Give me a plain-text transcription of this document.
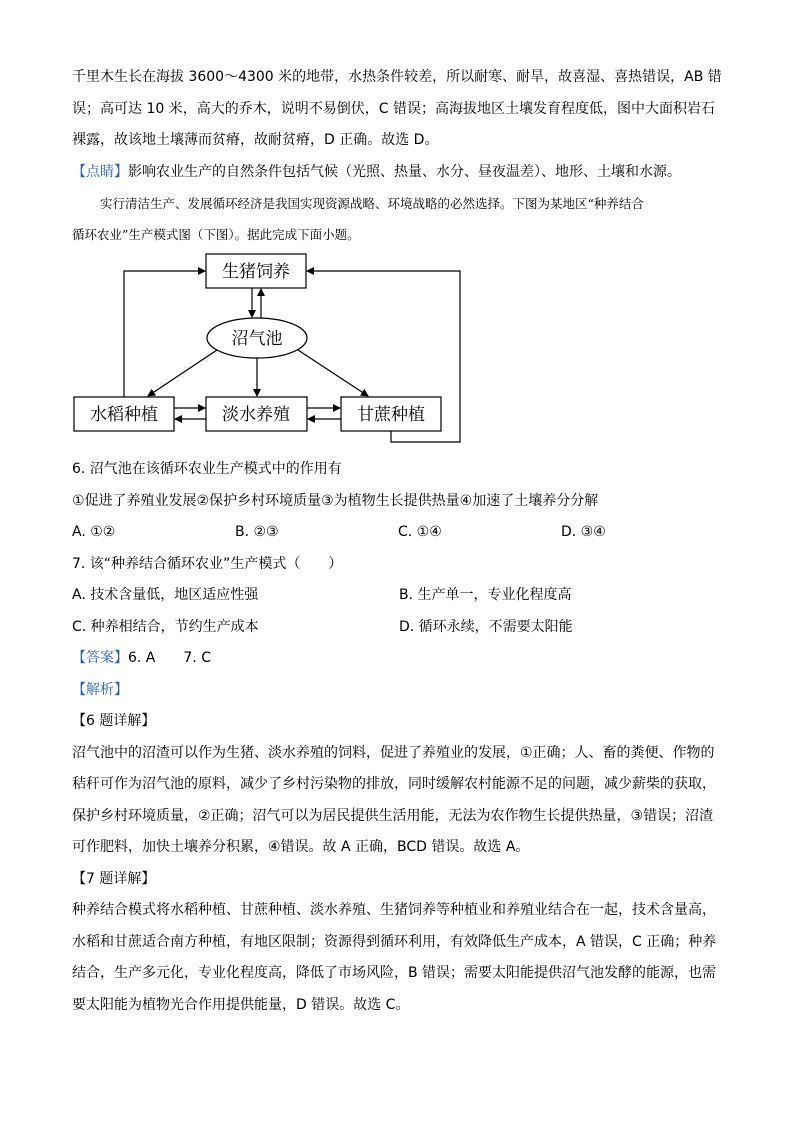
千里木生长在海拔 3600～4300 米的地带，水热条件较差，所以耐寒、耐旱，故喜湿、喜热错误，AB 错

误；高可达 10 米，高大的乔木，说明不易倒伏，C 错误；高海拔地区土壤发育程度低，图中大面积岩石

裸露，故该地土壤薄而贫瘠，故耐贫瘠，D 正确。故选 D。

【点睛】影响农业生产的自然条件包括气候（光照、热量、水分、昼夜温差）、地形、土壤和水源。

实行清洁生产、发展循环经济是我国实现资源战略、环境战略的必然选择。下图为某地区“种养结合

循环农业”生产模式图（下图）。据此完成下面小题。

生猪饲养
沼气池
水稻种植	淡水养殖	甘蔗种植

6. 沼气池在该循环农业生产模式中的作用有

①促进了养殖业发展②保护乡村环境质量③为植物生长提供热量④加速了土壤养分分解

A. ①②	B. ②③	C. ①④	D. ③④

7. 该“种养结合循环农业”生产模式（　　）

A. 技术含量低，地区适应性强	B. 生产单一，专业化程度高
C. 种养相结合，节约生产成本	D. 循环永续，不需要太阳能

【答案】6. A　　7. C

【解析】

【6 题详解】

沼气池中的沼渣可以作为生猪、淡水养殖的饲料，促进了养殖业的发展，①正确；人、畜的粪便、作物的

秸秆可作为沼气池的原料，减少了乡村污染物的排放，同时缓解农村能源不足的问题，减少薪柴的获取，

保护乡村环境质量，②正确；沼气可以为居民提供生活用能，无法为农作物生长提供热量，③错误；沼渣

可作肥料，加快土壤养分积累，④错误。故 A 正确，BCD 错误。故选 A。

【7 题详解】

种养结合模式将水稻种植、甘蔗种植、淡水养殖、生猪饲养等种植业和养殖业结合在一起，技术含量高，

水稻和甘蔗适合南方种植，有地区限制；资源得到循环利用，有效降低生产成本，A 错误，C 正确；种养

结合，生产多元化，专业化程度高，降低了市场风险，B 错误；需要太阳能提供沼气池发酵的能源，也需

要太阳能为植物光合作用提供能量，D 错误。故选 C。
